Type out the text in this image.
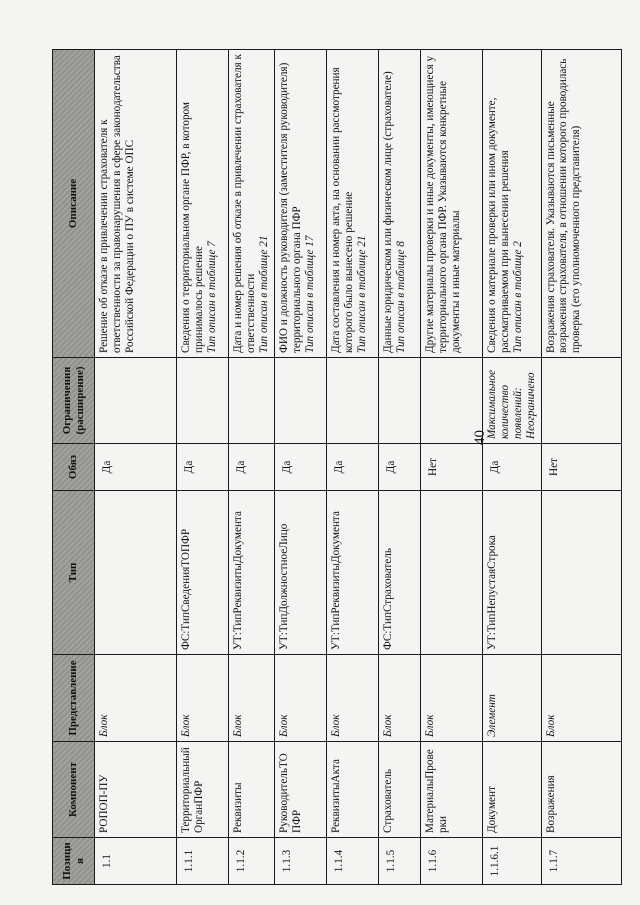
40
Позиция	Компонент	Представление	Тип	Обяз	Ограничения (расширение)	Описание
1.1	РОПОП-ПУ	Блок		Да		Решение об отказе в привлечении страхователя к ответственности за правонарушения в сфере законодательства Российской Федерации о ПУ в системе ОПС

1.1.1	ТерриториальныйОрганПФР	Блок	ФС:ТипСведенияТОПФР	Да		Сведения о территориальном органе ПФР, в котором принималось решение Тип описан в таблице 7

1.1.2	Реквизиты	Блок	УТ:ТипРеквизитыДокумента	Да		Дата и номер решения об отказе в привлечении страхователя к ответственности Тип описан в таблице 21

1.1.3	РуководительТОПФР	Блок	УТ:ТипДолжностноеЛицо	Да		ФИО и должность руководителя (заместителя руководителя) территориального органа ПФР Тип описан в таблице 17

1.1.4	РеквизитыАкта	Блок	УТ:ТипРеквизитыДокумента	Да		Дата составления и номер акта, на основании рассмотрения которого было вынесено решение Тип описан в таблице 21

1.1.5	Страхователь	Блок	ФС:ТипСтрахователь	Да		Данные юридическом или физическом лице (страхователе) Тип описан в таблице 8

1.1.6	МатериалыПроверки	Блок		Нет		Другие материалы проверки и иные документы, имеющиеся у территориального органа ПФР. Указываются конкретные документы и иные материалы

1.1.6.1	Документ	Элемент	УТ:ТипНепустаяСтрока	Да	Максимальное количество появлений: Неограничено	Сведения о материале проверки или ином документе, рассматриваемом при вынесении решения Тип описан в таблице 2

1.1.7	Возражения	Блок		Нет		Возражения страхователя. Указываются письменные возражения страхователя, в отношении которого проводилась проверка (его уполномоченного представителя)
